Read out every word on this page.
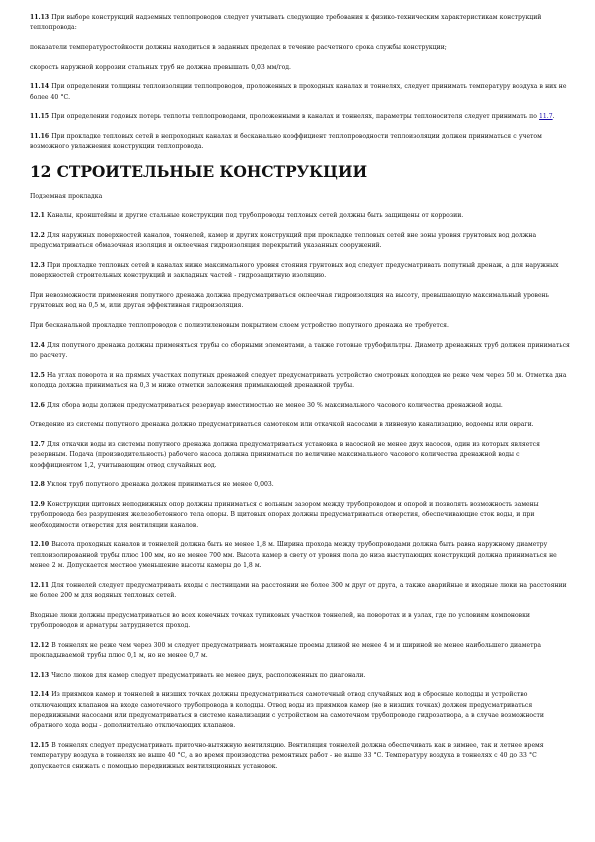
11.13 При выборе конструкций надземных теплопроводов следует учитывать следующие требования к физико-техническим характеристикам конструкций теплопровода:

показатели температуростойкости должны находиться в заданных пределах в течение расчетного срока службы конструкции;

скорость наружной коррозии стальных труб не должна превышать 0,03 мм/год.

11.14 При определении толщины теплоизоляции теплопроводов, проложенных в проходных каналах и тоннелях, следует принимать температуру воздуха в них не более 40 °С.

11.15 При определении годовых потерь теплоты теплопроводами, проложенными в каналах и тоннелях, параметры теплоносителя следует принимать по 11.7.

11.16 При прокладке тепловых сетей в непроходных каналах и бесканально коэффициент теплопроводности теплоизоляции должен приниматься с учетом возможного увлажнения конструкции теплопровода.

12 СТРОИТЕЛЬНЫЕ КОНСТРУКЦИИ

Подземная прокладка

12.1 Каналы, кронштейны и другие стальные конструкции под трубопроводы тепловых сетей должны быть защищены от коррозии.

12.2 Для наружных поверхностей каналов, тоннелей, камер и других конструкций при прокладке тепловых сетей вне зоны уровня грунтовых вод должна предусматриваться обмазочная изоляция и оклеечная гидроизоляция перекрытий указанных сооружений.

12.3 При прокладке тепловых сетей в каналах ниже максимального уровня стояния грунтовых вод следует предусматривать попутный дренаж, а для наружных поверхностей строительных конструкций и закладных частей - гидрозащитную изоляцию.

При невозможности применения попутного дренажа должна предусматриваться оклеечная гидроизоляция на высоту, превышающую максимальный уровень грунтовых вод на 0,5 м, или другая эффективная гидроизоляция.

При бесканальной прокладке теплопроводов с полиэтиленовым покрытием слоем устройство попутного дренажа не требуется.

12.4 Для попутного дренажа должны применяться трубы со сборными элементами, а также готовые трубофильтры. Диаметр дренажных труб должен приниматься по расчету.

12.5 На углах поворота и на прямых участках попутных дренажей следует предусматривать устройство смотровых колодцев не реже чем через 50 м. Отметка дна колодца должна приниматься на 0,3 м ниже отметки заложения примыкающей дренажной трубы.

12.6 Для сбора воды должен предусматриваться резервуар вместимостью не менее 30 % максимального часового количества дренажной воды.

Отведение из системы попутного дренажа должно предусматриваться самотеком или откачкой насосами в ливневую канализацию, водоемы или овраги.

12.7 Для откачки воды из системы попутного дренажа должна предусматриваться установка в насосной не менее двух насосов, один из которых является резервным. Подача (производительность) рабочего насоса должна приниматься по величине максимального часового количества дренажной воды с коэффициентом 1,2, учитывающим отвод случайных вод.

12.8 Уклон труб попутного дренажа должен приниматься не менее 0,003.

12.9 Конструкции щитовых неподвижных опор должны приниматься с вольным зазором между трубопроводом и опорой и позволять возможность замены трубопровода без разрушения железобетонного тела опоры. В щитовых опорах должны предусматриваться отверстия, обеспечивающие сток воды, и при необходимости отверстия для вентиляции каналов.

12.10 Высота проходных каналов и тоннелей должна быть не менее 1,8 м. Ширина прохода между трубопроводами должна быть равна наружному диаметру теплоизолированной трубы плюс 100 мм, но не менее 700 мм. Высота камер в свету от уровня пола до низа выступающих конструкций должна приниматься не менее 2 м. Допускается местное уменьшение высоты камеры до 1,8 м.

12.11 Для тоннелей следует предусматривать входы с лестницами на расстоянии не более 300 м друг от друга, а также аварийные и входные люки на расстоянии не более 200 м для водяных тепловых сетей.

Входные люки должны предусматриваться во всех конечных точках тупиковых участков тоннелей, на поворотах и в узлах, где по условиям компоновки трубопроводов и арматуры затрудняется проход.

12.12 В тоннелях не реже чем через 300 м следует предусматривать монтажные проемы длиной не менее 4 м и шириной не менее наибольшего диаметра прокладываемой трубы плюс 0,1 м, но не менее 0,7 м.

12.13 Число люков для камер следует предусматривать не менее двух, расположенных по диагонали.

12.14 Из приямков камер и тоннелей в низших точках должны предусматриваться самотечный отвод случайных вод в сбросные колодцы и устройство отключающих клапанов на входе самотечного трубопровода в колодцы. Отвод воды из приямков камер (не в низших точках) должен предусматриваться передвижными насосами или предусматриваться в системе канализации с устройством на самотечном трубопроводе гидрозатвора, а в случае возможности обратного хода воды - дополнительно отключающих клапанов.

12.15 В тоннелях следует предусматривать приточно-вытяжную вентиляцию. Вентиляция тоннелей должна обеспечивать как в зимнее, так и летнее время температуру воздуха в тоннелях не выше 40 °С, а во время производства ремонтных работ - не выше 33 °С. Температуру воздуха в тоннелях с 40 до 33 °С допускается снижать с помощью передвижных вентиляционных установок.
